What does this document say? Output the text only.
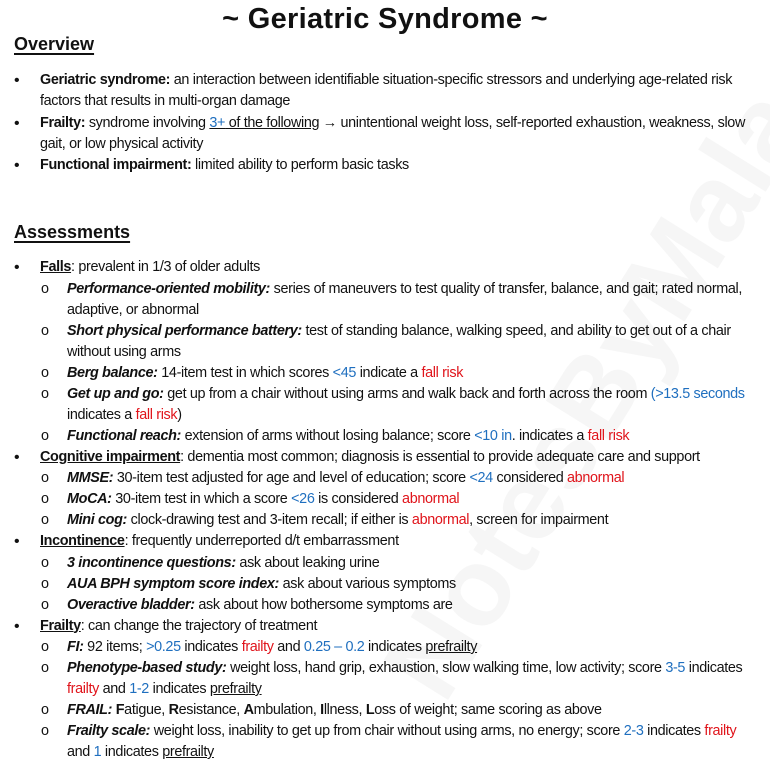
~ Geriatric Syndrome ~
Overview
• Geriatric syndrome: an interaction between identifiable situation-specific stressors and underlying age-related risk factors that results in multi-organ damage
• Frailty: syndrome involving 3+ of the following → unintentional weight loss, self-reported exhaustion, weakness, slow gait, or low physical activity
• Functional impairment: limited ability to perform basic tasks
Assessments
• Falls: prevalent in 1/3 of older adults
o Performance-oriented mobility: series of maneuvers to test quality of transfer, balance, and gait; rated normal, adaptive, or abnormal
o Short physical performance battery: test of standing balance, walking speed, and ability to get out of a chair without using arms
o Berg balance: 14-item test in which scores <45 indicate a fall risk
o Get up and go: get up from a chair without using arms and walk back and forth across the room (>13.5 seconds indicates a fall risk)
o Functional reach: extension of arms without losing balance; score <10 in. indicates a fall risk
• Cognitive impairment: dementia most common; diagnosis is essential to provide adequate care and support
o MMSE: 30-item test adjusted for age and level of education; score <24 considered abnormal
o MoCA: 30-item test in which a score <26 is considered abnormal
o Mini cog: clock-drawing test and 3-item recall; if either is abnormal, screen for impairment
• Incontinence: frequently underreported d/t embarrassment
o 3 incontinence questions: ask about leaking urine
o AUA BPH symptom score index: ask about various symptoms
o Overactive bladder: ask about how bothersome symptoms are
• Frailty: can change the trajectory of treatment
o FI: 92 items; >0.25 indicates frailty and 0.25 – 0.2 indicates prefrailty
o Phenotype-based study: weight loss, hand grip, exhaustion, slow walking time, low activity; score 3-5 indicates frailty and 1-2 indicates prefrailty
o FRAIL: Fatigue, Resistance, Ambulation, Illness, Loss of weight; same scoring as above
o Frailty scale: weight loss, inability to get up from chair without using arms, no energy; score 2-3 indicates frailty and 1 indicates prefrailty
